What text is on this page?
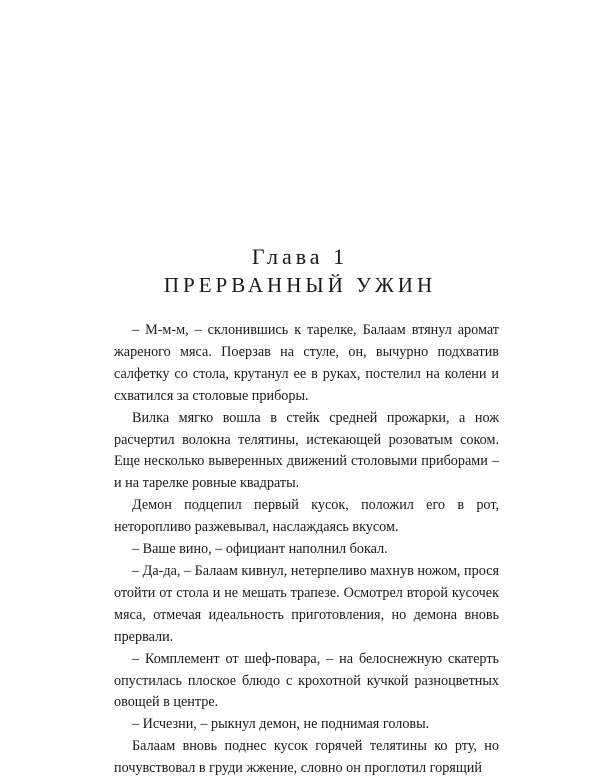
Глава 1
ПРЕРВАННЫЙ УЖИН

– М-м-м, – склонившись к тарелке, Балаам втянул аромат жареного мяса. Поерзав на стуле, он, вычурно подхватив салфетку со стола, крутанул ее в руках, постелил на колени и схватился за столовые приборы.

Вилка мягко вошла в стейк средней прожарки, а нож расчертил волокна телятины, истекающей розоватым соком. Еще несколько выверенных движений столовыми приборами – и на тарелке ровные квадраты.

Демон подцепил первый кусок, положил его в рот, неторопливо разжевывал, наслаждаясь вкусом.

– Ваше вино, – официант наполнил бокал.

– Да-да, – Балаам кивнул, нетерпеливо махнув ножом, прося отойти от стола и не мешать трапезе. Осмотрел второй кусочек мяса, отмечая идеальность приготовления, но демона вновь прервали.

– Комплемент от шеф-повара, – на белоснежную скатерть опустилась плоское блюдо с крохотной кучкой разноцветных овощей в центре.

– Исчезни, – рыкнул демон, не поднимая головы.

Балаам вновь поднес кусок горячей телятины ко рту, но почувствовал в груди жжение, словно он проглотил горящий
